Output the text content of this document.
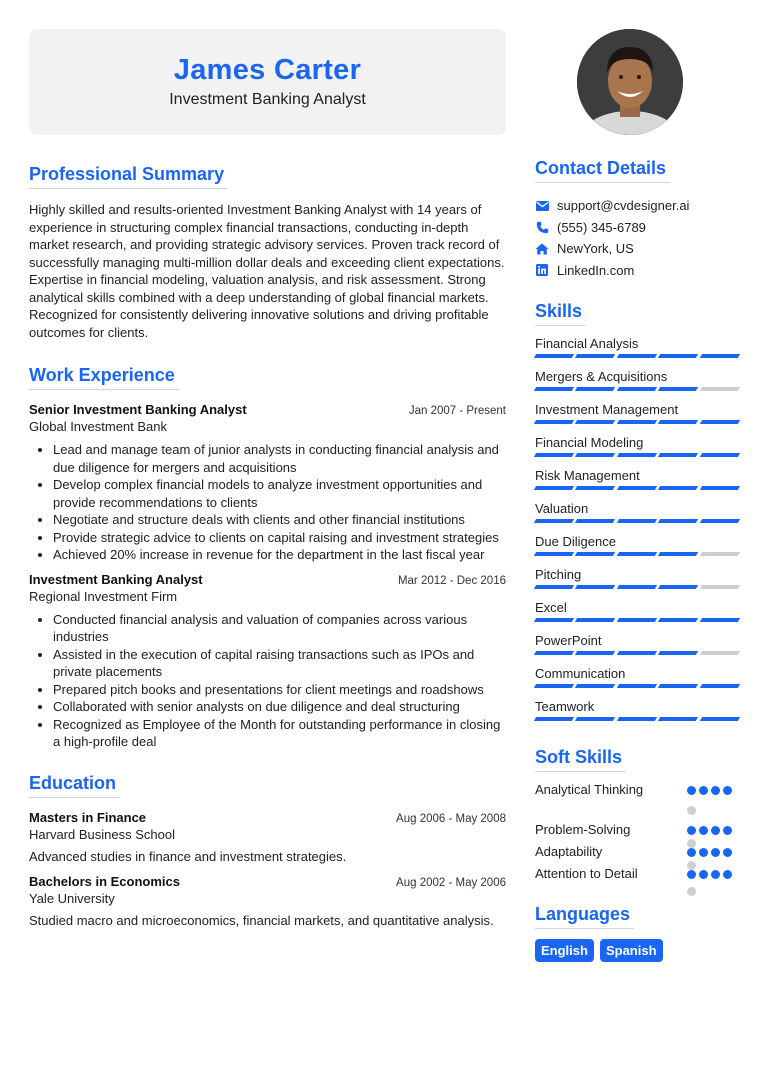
James Carter
Investment Banking Analyst
Professional Summary

Highly skilled and results-oriented Investment Banking Analyst with 14 years of experience in structuring complex financial transactions, conducting in-depth market research, and providing strategic advisory services. Proven track record of successfully managing multi-million dollar deals and exceeding client expectations. Expertise in financial modeling, valuation analysis, and risk assessment. Strong analytical skills combined with a deep understanding of global financial markets. Recognized for consistently delivering innovative solutions and driving profitable outcomes for clients.

Work Experience
Senior Investment Banking Analyst	Jan 2007 - Present
Global Investment Bank
• Lead and manage team of junior analysts in conducting financial analysis and due diligence for mergers and acquisitions
• Develop complex financial models to analyze investment opportunities and provide recommendations to clients
• Negotiate and structure deals with clients and other financial institutions
• Provide strategic advice to clients on capital raising and investment strategies
• Achieved 20% increase in revenue for the department in the last fiscal year
Investment Banking Analyst	Mar 2012 - Dec 2016
Regional Investment Firm
• Conducted financial analysis and valuation of companies across various industries
• Assisted in the execution of capital raising transactions such as IPOs and private placements
• Prepared pitch books and presentations for client meetings and roadshows
• Collaborated with senior analysts on due diligence and deal structuring
• Recognized as Employee of the Month for outstanding performance in closing a high-profile deal
Education
Masters in Finance	Aug 2006 - May 2008
Harvard Business School

Advanced studies in finance and investment strategies.

Bachelors in Economics	Aug 2002 - May 2006
Yale University

Studied macro and microeconomics, financial markets, and quantitative analysis.

Contact Details
support@cvdesigner.ai
(555) 345-6789
NewYork, US
LinkedIn.com
Skills
Financial Analysis
Mergers & Acquisitions
Investment Management
Financial Modeling
Risk Management
Valuation
Due Diligence
Pitching
Excel
PowerPoint
Communication
Teamwork
Soft Skills
Analytical Thinking
Problem-Solving
Adaptability
Attention to Detail
Languages
English	Spanish
